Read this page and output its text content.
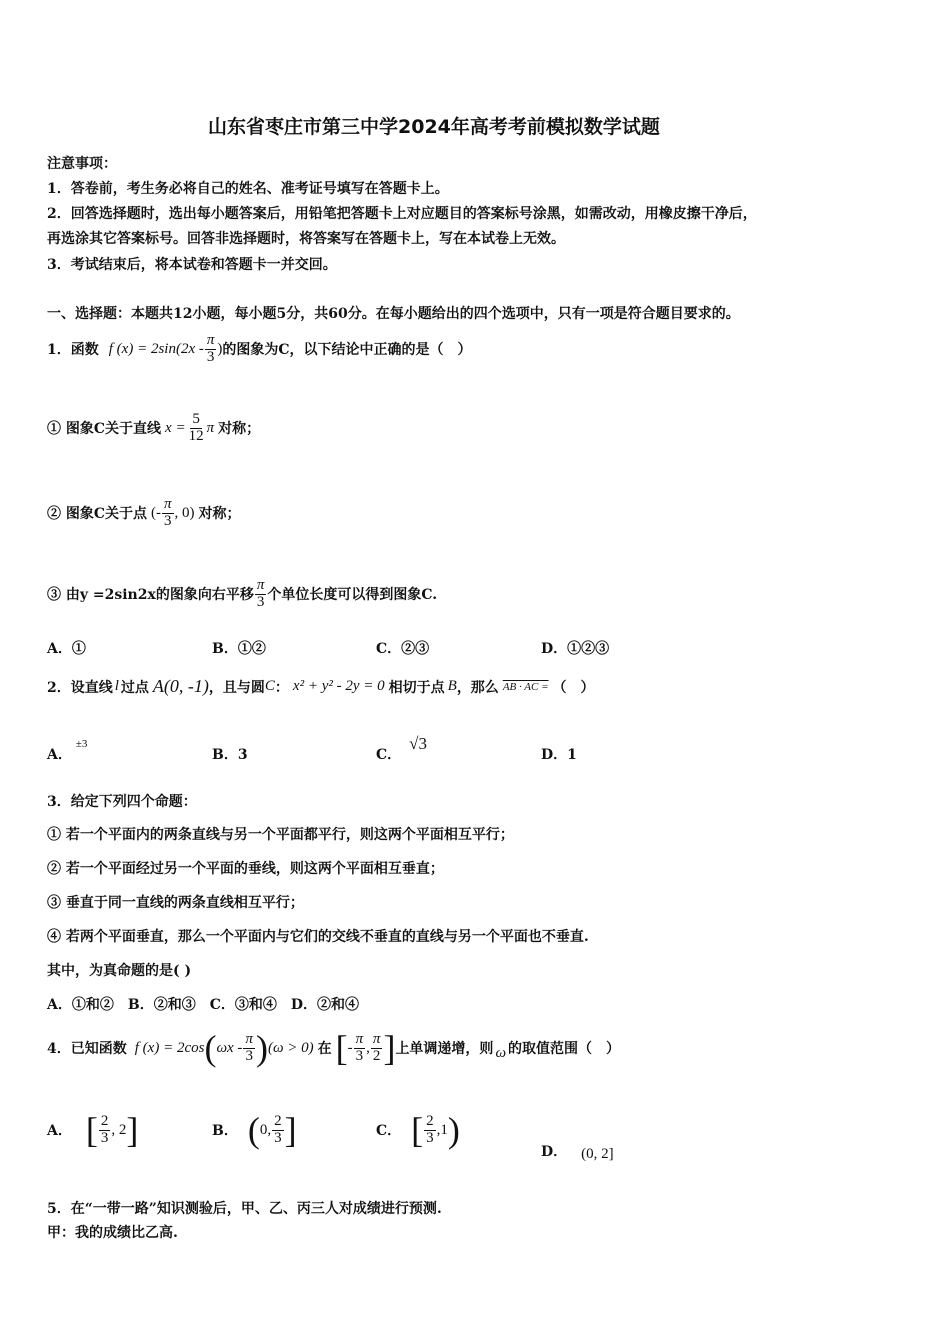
山东省枣庄市第三中学2024年高考考前模拟数学试题
注意事项：
1．答卷前，考生务必将自己的姓名、准考证号填写在答题卡上。
2．回答选择题时，选出每小题答案后，用铅笔把答题卡上对应题目的答案标号涂黑，如需改动，用橡皮擦干净后，
再选涂其它答案标号。回答非选择题时，将答案写在答题卡上，写在本试卷上无效。
3．考试结束后，将本试卷和答题卡一并交回。
一、选择题：本题共12小题，每小题5分，共60分。在每小题给出的四个选项中，只有一项是符合题目要求的。
1．函数 f $(x) = 2\sin(2x - \frac{\pi}{3}$ ) 的图象为C，以下结论中正确的是（　）
① 图象C关于直线 $x = \frac{5}{12}$ π 对称；
② 图象C关于点 (- $\frac{\pi}{3}$ , 0) 对称；
③ 由y =2sin2x的图象向右平移 $\frac{\pi}{3}$ 个单位长度可以得到图象C.
A．①	B．①②	C．②③	D．①②③
2．设直线 l 过点 A(0, -1) ，且与圆 C ： x² + y² - 2y = 0 相切于点 B ，那么 AB · AC = （　）
A．
±3
B．3	C．
√3
D．1
3．给定下列四个命题：
① 若一个平面内的两条直线与另一个平面都平行，则这两个平面相互平行；
② 若一个平面经过另一个平面的垂线，则这两个平面相互垂直；
③ 垂直于同一直线的两条直线相互平行；
④ 若两个平面垂直，那么一个平面内与它们的交线不垂直的直线与另一个平面也不垂直.
其中，为真命题的是( )
A．①和②　B．②和③　C．③和④　D．②和④
4．已知函数 f (x) = 2cos ( ωx - $\frac{\pi}{3}$ ) (ω > 0) 在 [ - $\frac{\pi}{3}$ , $\frac{\pi}{2}$ ] 上单调递增，则 ω 的取值范围（　）
A． [ $\frac{2}{3}$ , 2 ]	B． ( 0, $\frac{2}{3}$ ]	C． [ $\frac{2}{3} ,1$ )
D． (0, 2]
5．在“一带一路”知识测验后，甲、乙、丙三人对成绩进行预测.
甲：我的成绩比乙高.
